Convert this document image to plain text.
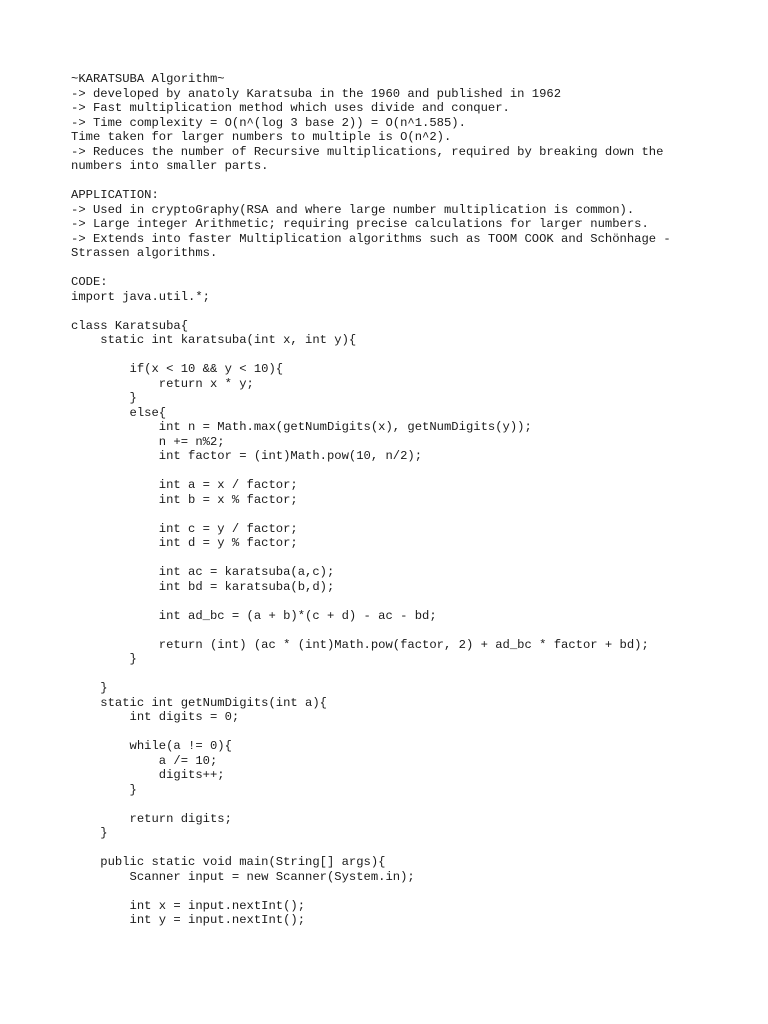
~KARATSUBA Algorithm~
-> developed by anatoly Karatsuba in the 1960 and published in 1962
-> Fast multiplication method which uses divide and conquer.
-> Time complexity = O(n^(log 3 base 2)) = O(n^1.585).
Time taken for larger numbers to multiple is O(n^2).
-> Reduces the number of Recursive multiplications, required by breaking down the
numbers into smaller parts.
APPLICATION:
-> Used in cryptoGraphy(RSA and where large number multiplication is common).
-> Large integer Arithmetic; requiring precise calculations for larger numbers.
-> Extends into faster Multiplication algorithms such as TOOM COOK and Schönhage -
Strassen algorithms.
CODE:
import java.util.*;
class Karatsuba{
static int karatsuba(int x, int y){
if(x < 10 && y < 10){
return x * y;
}
else{
int n = Math.max(getNumDigits(x), getNumDigits(y));
n += n%2;
int factor = (int)Math.pow(10, n/2);
int a = x / factor;
int b = x % factor;
int c = y / factor;
int d = y % factor;
int ac = karatsuba(a,c);
int bd = karatsuba(b,d);
int ad_bc = (a + b)*(c + d) - ac - bd;
return (int) (ac * (int)Math.pow(factor, 2) + ad_bc * factor + bd);
}
}
static int getNumDigits(int a){
int digits = 0;
while(a != 0){
a /= 10;
digits++;
}
return digits;
}
public static void main(String[] args){
Scanner input = new Scanner(System.in);
int x = input.nextInt();
int y = input.nextInt();
